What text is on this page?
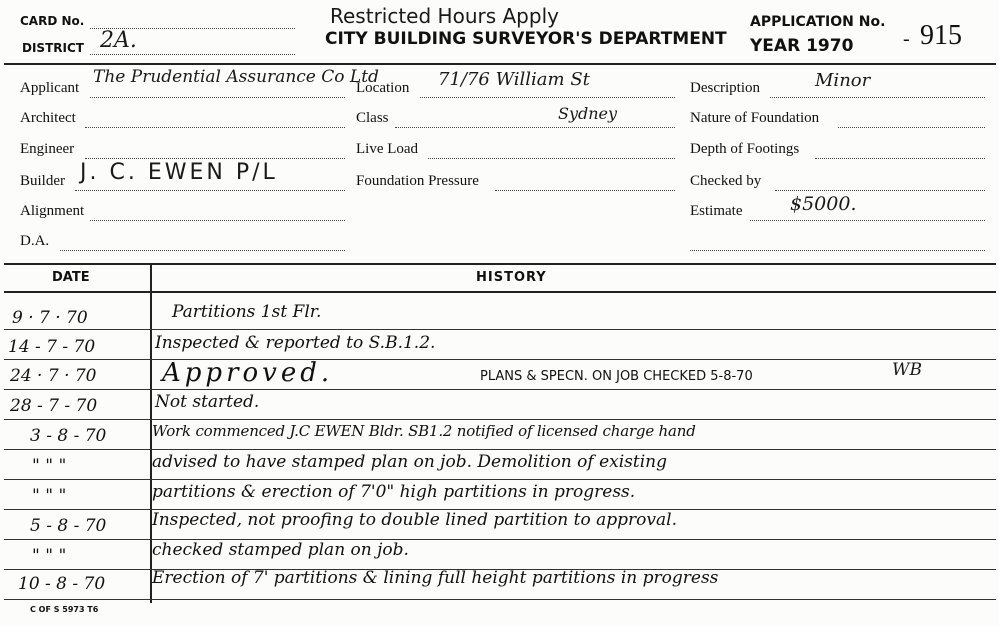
CARD No.
DISTRICT 2A.
Restricted Hours Apply
CITY BUILDING SURVEYOR'S DEPARTMENT
APPLICATION No.
YEAR 1970 - 915
Applicant
The Prudential Assurance Co Ltd
Architect
Engineer
Builder J. C. EWEN P/L
Alignment
D.A.
Location 71/76 William St
Class	Sydney
Live Load
Foundation Pressure
Description	Minor
Nature of Foundation
Depth of Footings
Checked by
Estimate	$5000.
DATE	HISTORY
9 · 7 · 70	Partitions 1st Flr.
14 - 7 - 70	Inspected & reported to S.B.1.2.
24 · 7 · 70	Approved.	PLANS & SPECN. ON JOB CHECKED 5-8-70	WB
28 - 7 - 70	Not started.
3 - 8 - 70	Work commenced J.C EWEN Bldr. SB1.2 notified of licensed charge hand
" " "	advised to have stamped plan on job. Demolition of existing
" " "	partitions & erection of 7'0" high partitions in progress.
5 - 8 - 70	Inspected, not proofing to double lined partition to approval.
" " "	checked stamped plan on job.
10 - 8 - 70	Erection of 7' partitions & lining full height partitions in progress
C OF S 5973 T6
